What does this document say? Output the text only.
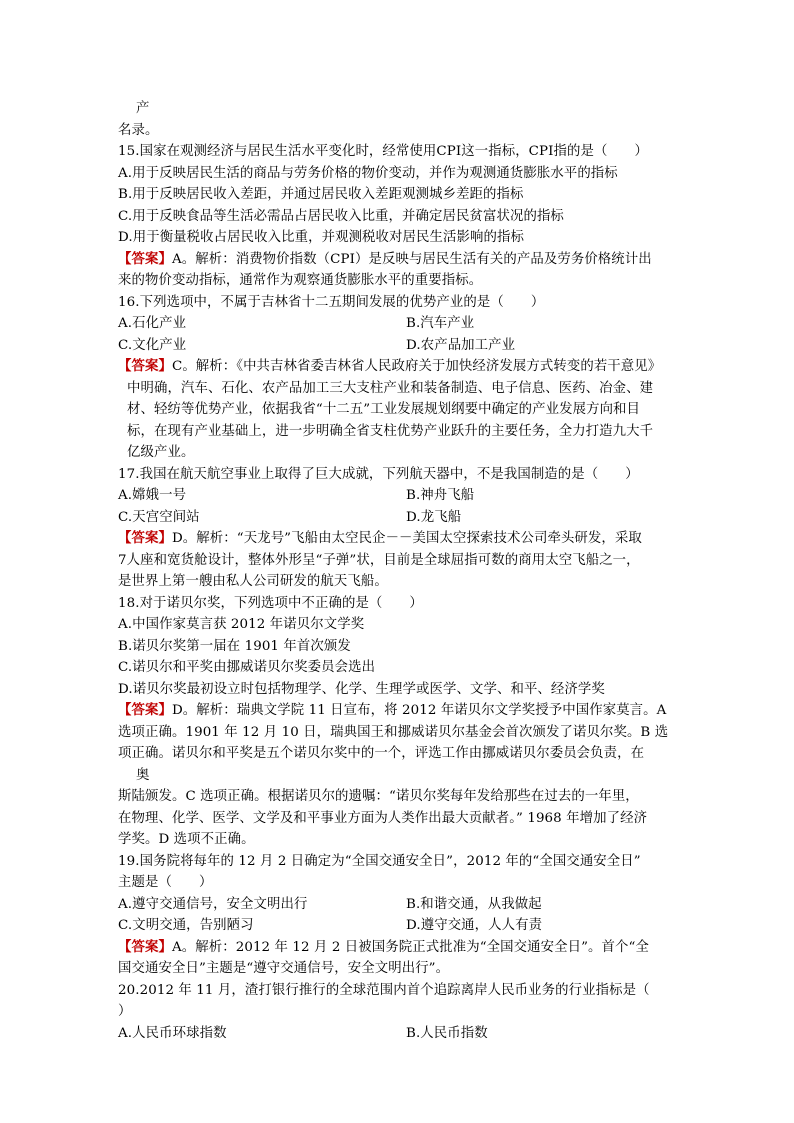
产
名录。
15.国家在观测经济与居民生活水平变化时，经常使用CPI这一指标，CPI指的是（　　）
A.用于反映居民生活的商品与劳务价格的物价变动，并作为观测通货膨胀水平的指标
B.用于反映居民收入差距，并通过居民收入差距观测城乡差距的指标
C.用于反映食品等生活必需品占居民收入比重，并确定居民贫富状况的指标
D.用于衡量税收占居民收入比重，并观测税收对居民生活影响的指标
【答案】A。解析：消费物价指数（CPI）是反映与居民生活有关的产品及劳务价格统计出
来的物价变动指标，通常作为观察通货膨胀水平的重要指标。
16.下列选项中，不属于吉林省十二五期间发展的优势产业的是（　　）
A.石化产业	B.汽车产业
C.文化产业	D.农产品加工产业
【答案】C。解析：《中共吉林省委吉林省人民政府关于加快经济发展方式转变的若干意见》
中明确，汽车、石化、农产品加工三大支柱产业和装备制造、电子信息、医药、冶金、建
材、轻纺等优势产业，依据我省“十二五”工业发展规划纲要中确定的产业发展方向和目
标，在现有产业基础上，进一步明确全省支柱优势产业跃升的主要任务，全力打造九大千
亿级产业。
17.我国在航天航空事业上取得了巨大成就，下列航天器中，不是我国制造的是（　　）
A.嫦娥一号	B.神舟飞船
C.天宫空间站	D.龙飞船
【答案】D。解析：“天龙号”飞船由太空民企－－美国太空探索技术公司牵头研发，采取
7人座和宽货舱设计，整体外形呈“子弹”状，目前是全球屈指可数的商用太空飞船之一，
是世界上第一艘由私人公司研发的航天飞船。
18.对于诺贝尔奖，下列选项中不正确的是（　　）
A.中国作家莫言获 2012 年诺贝尔文学奖
B.诺贝尔奖第一届在 1901 年首次颁发
C.诺贝尔和平奖由挪威诺贝尔奖委员会选出
D.诺贝尔奖最初设立时包括物理学、化学、生理学或医学、文学、和平、经济学奖
【答案】D。解析：瑞典文学院 11 日宣布，将 2012 年诺贝尔文学奖授予中国作家莫言。A
选项正确。1901 年 12 月 10 日，瑞典国王和挪威诺贝尔基金会首次颁发了诺贝尔奖。B 选
项正确。诺贝尔和平奖是五个诺贝尔奖中的一个，评选工作由挪威诺贝尔委员会负责，在
奥
斯陆颁发。C 选项正确。根据诺贝尔的遗嘱：“诺贝尔奖每年发给那些在过去的一年里，
在物理、化学、医学、文学及和平事业方面为人类作出最大贡献者。” 1968 年增加了经济
学奖。D 选项不正确。
19.国务院将每年的 12 月 2 日确定为“全国交通安全日”，2012 年的“全国交通安全日”
主题是（　　）
A.遵守交通信号，安全文明出行	B.和谐交通，从我做起
C.文明交通，告别陋习	D.遵守交通，人人有责
【答案】A。解析：2012 年 12 月 2 日被国务院正式批准为“全国交通安全日”。首个“全
国交通安全日”主题是“遵守交通信号，安全文明出行”。
20.2012 年 11 月，渣打银行推行的全球范围内首个追踪离岸人民币业务的行业指标是（
）
A.人民币环球指数	B.人民币指数
